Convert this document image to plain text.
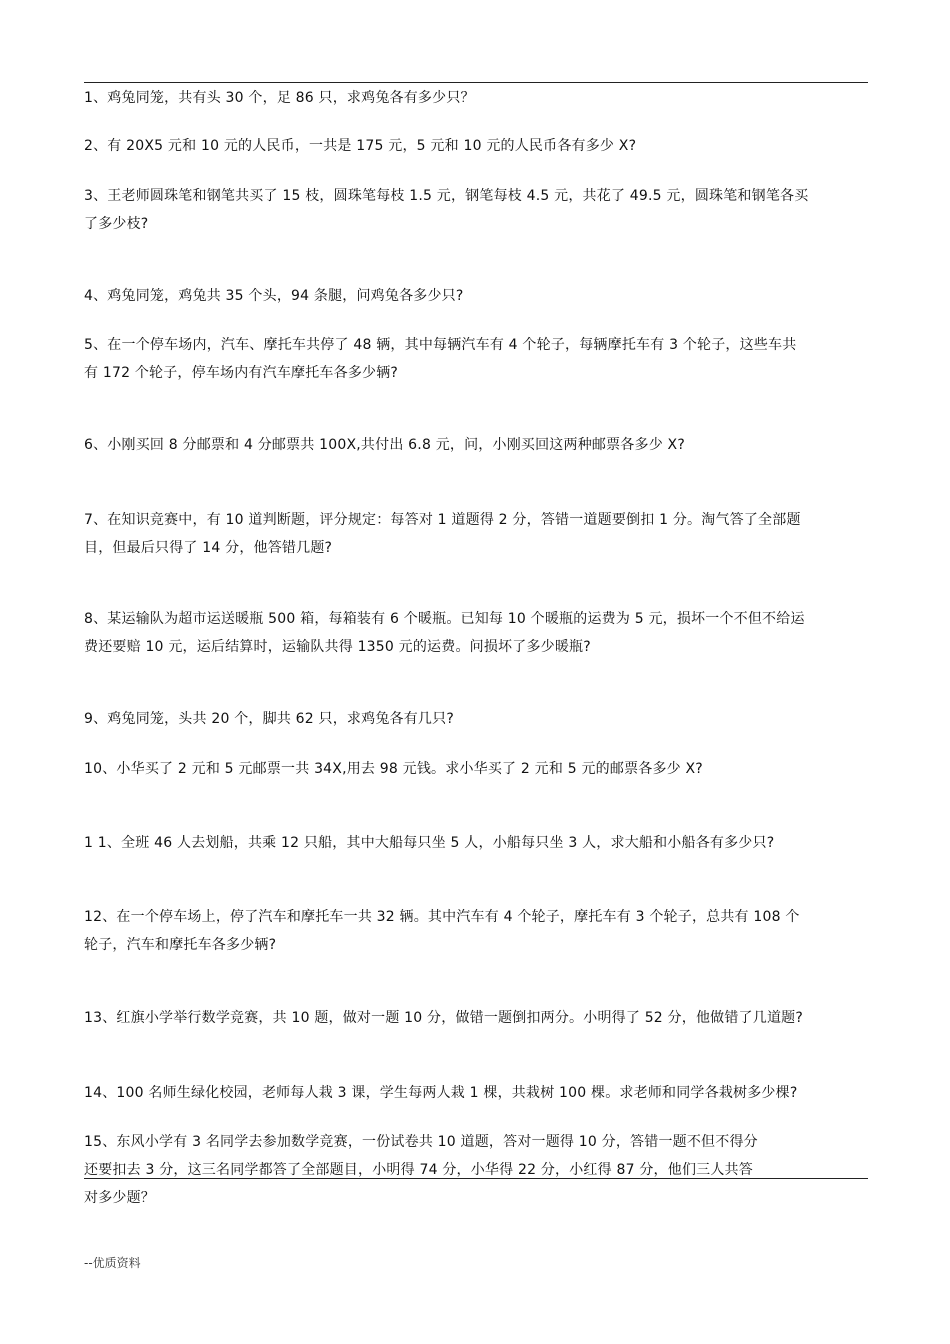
1、鸡兔同笼，共有头 30 个，足 86 只，求鸡兔各有多少只？

2、有 20X5 元和 10 元的人民币，一共是 175 元，5 元和 10 元的人民币各有多少 X?

3、王老师圆珠笔和钢笔共买了 15 枝，圆珠笔每枝 1.5 元，钢笔每枝 4.5 元，共花了 49.5 元，圆珠笔和钢笔各买
了多少枝?

4、鸡兔同笼，鸡兔共 35 个头，94 条腿，问鸡兔各多少只?

5、在一个停车场内，汽车、摩托车共停了 48 辆，其中每辆汽车有 4 个轮子，每辆摩托车有 3 个轮子，这些车共
有 172 个轮子，停车场内有汽车摩托车各多少辆?

6、小刚买回 8 分邮票和 4 分邮票共 100X,共付出 6.8 元，问，小刚买回这两种邮票各多少 X?

7、在知识竞赛中，有 10 道判断题，评分规定：每答对 1 道题得 2 分，答错一道题要倒扣 1 分。淘气答了全部题
目，但最后只得了 14 分，他答错几题?

8、某运输队为超市运送暖瓶 500 箱，每箱装有 6 个暖瓶。已知每 10 个暖瓶的运费为 5 元，损坏一个不但不给运
费还要赔 10 元，运后结算时，运输队共得 1350 元的运费。问损坏了多少暖瓶?

9、鸡兔同笼，头共 20 个，脚共 62 只，求鸡兔各有几只?

10、小华买了 2 元和 5 元邮票一共 34X,用去 98 元钱。求小华买了 2 元和 5 元的邮票各多少 X?

1 1、全班 46 人去划船，共乘 12 只船，其中大船每只坐 5 人，小船每只坐 3 人，求大船和小船各有多少只?

12、在一个停车场上，停了汽车和摩托车一共 32 辆。其中汽车有 4 个轮子，摩托车有 3 个轮子，总共有 108 个
轮子，汽车和摩托车各多少辆?

13、红旗小学举行数学竞赛，共 10 题，做对一题 10 分，做错一题倒扣两分。小明得了 52 分，他做错了几道题?

14、100 名师生绿化校园，老师每人栽 3 课，学生每两人栽 1 棵，共栽树 100 棵。求老师和同学各栽树多少棵?

15、东风小学有 3 名同学去参加数学竞赛，一份试卷共 10 道题，答对一题得 10 分，答错一题不但不得分
还要扣去 3 分，这三名同学都答了全部题目，小明得 74 分，小华得 22 分，小红得 87 分，他们三人共答
对多少题？

--优质资料
